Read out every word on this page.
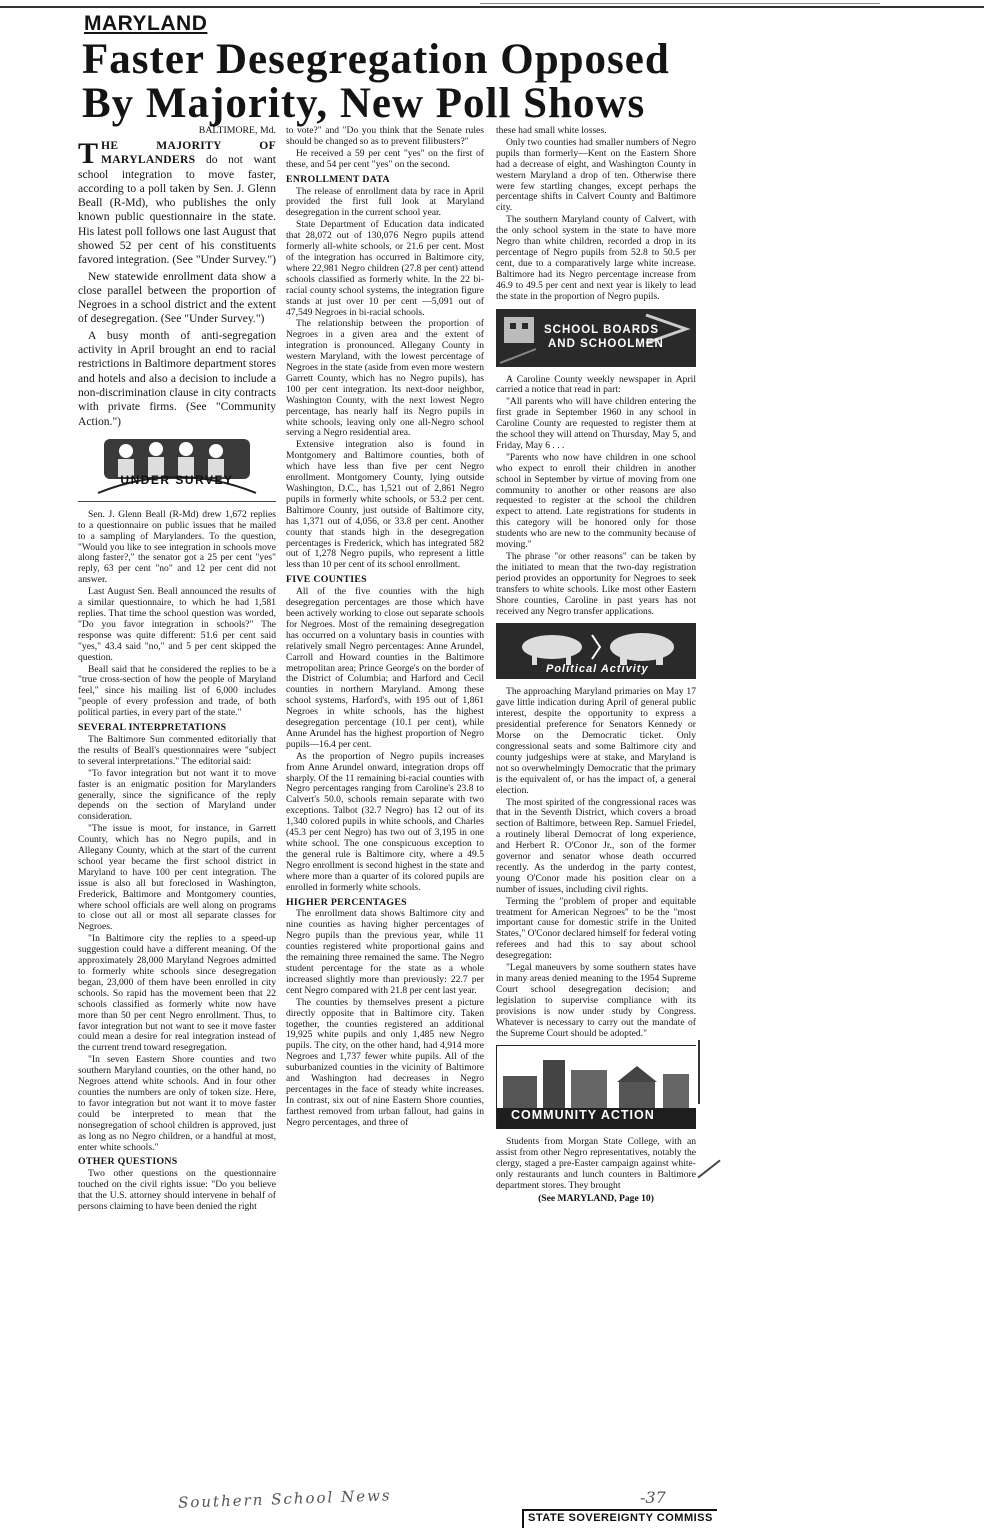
MARYLAND
Faster Desegregation Opposed By Majority, New Poll Shows
BALTIMORE, Md.

THE MAJORITY OF MARYLANDERS do not want school integration to move faster, according to a poll taken by Sen. J. Glenn Beall (R-Md), who publishes the only known public questionnaire in the state. His latest poll follows one last August that showed 52 per cent of his constituents favored integration. (See "Under Survey.")

New statewide enrollment data show a close parallel between the proportion of Negroes in a school district and the extent of desegregation. (See "Under Survey.")

A busy month of anti-segregation activity in April brought an end to racial restrictions in Baltimore department stores and hotels and also a decision to include a non-discrimination clause in city contracts with private firms. (See "Community Action.")

UNDER SURVEY

Sen. J. Glenn Beall (R-Md) drew 1,672 replies to a questionnaire on public issues that he mailed to a sampling of Marylanders. To the question, "Would you like to see integration in schools move along faster?," the senator got a 25 per cent "yes" reply, 63 per cent "no" and 12 per cent did not answer.

Last August Sen. Beall announced the results of a similar questionnaire, to which he had 1,581 replies. That time the school question was worded, "Do you favor integration in schools?" The response was quite different: 51.6 per cent said "yes," 43.4 said "no," and 5 per cent skipped the question.

Beall said that he considered the replies to be a "true cross-section of how the people of Maryland feel," since his mailing list of 6,000 includes "people of every profession and trade, of both political parties, in every part of the state."

SEVERAL INTERPRETATIONS

The Baltimore Sun commented editorially that the results of Beall's questionnaires were "subject to several interpretations." The editorial said:

"To favor integration but not want it to move faster is an enigmatic position for Marylanders generally, since the significance of the reply depends on the section of Maryland under consideration.

"The issue is moot, for instance, in Garrett County, which has no Negro pupils, and in Allegany County, which at the start of the current school year became the first school district in Maryland to have 100 per cent integration. The issue is also all but foreclosed in Washington, Frederick, Baltimore and Montgomery counties, where school officials are well along on programs to close out all or most all separate classes for Negroes.

"In Baltimore city the replies to a speed-up suggestion could have a different meaning. Of the approximately 28,000 Maryland Negroes admitted to formerly white schools since desegregation began, 23,000 of them have been enrolled in city schools. So rapid has the movement been that 22 schools classified as formerly white now have more than 50 per cent Negro enrollment. Thus, to favor integration but not want to see it move faster could mean a desire for real integration instead of the current trend toward resegregation.

"In seven Eastern Shore counties and two southern Maryland counties, on the other hand, no Negroes attend white schools. And in four other counties the numbers are only of token size. Here, to favor integration but not want it to move faster could be interpreted to mean that the nonsegregation of school children is approved, just as long as no Negro children, or a handful at most, enter white schools."

OTHER QUESTIONS

Two other questions on the questionnaire touched on the civil rights issue: "Do you believe that the U.S. attorney should intervene in behalf of persons claiming to have been denied the right

to vote?" and "Do you think that the Senate rules should be changed so as to prevent filibusters?"

He received a 59 per cent "yes" on the first of these, and 54 per cent "yes" on the second.

ENROLLMENT DATA

The release of enrollment data by race in April provided the first full look at Maryland desegregation in the current school year.

State Department of Education data indicated that 28,072 out of 130,076 Negro pupils attend formerly all-white schools, or 21.6 per cent. Most of the integration has occurred in Baltimore city, where 22,981 Negro children (27.8 per cent) attend schools classified as formerly white. In the 22 bi-racial county school systems, the integration figure stands at just over 10 per cent —5,091 out of 47,549 Negroes in bi-racial schools.

The relationship between the proportion of Negroes in a given area and the extent of integration is pronounced. Allegany County in western Maryland, with the lowest percentage of Negroes in the state (aside from even more western Garrett County, which has no Negro pupils), has 100 per cent integration. Its next-door neighbor, Washington County, with the next lowest Negro percentage, has nearly half its Negro pupils in white schools, leaving only one all-Negro school serving a Negro residential area.

Extensive integration also is found in Montgomery and Baltimore counties, both of which have less than five per cent Negro enrollment. Montgomery County, lying outside Washington, D.C., has 1,521 out of 2,861 Negro pupils in formerly white schools, or 53.2 per cent. Baltimore County, just outside of Baltimore city, has 1,371 out of 4,056, or 33.8 per cent. Another county that stands high in the desegregation percentages is Frederick, which has integrated 582 out of 1,278 Negro pupils, who represent a little less than 10 per cent of its school enrollment.

FIVE COUNTIES

All of the five counties with the high desegregation percentages are those which have been actively working to close out separate schools for Negroes. Most of the remaining desegregation has occurred on a voluntary basis in counties with relatively small Negro percentages: Anne Arundel, Carroll and Howard counties in the Baltimore metropolitan area; Prince George's on the border of the District of Columbia; and Harford and Cecil counties in northern Maryland. Among these school systems, Harford's, with 195 out of 1,861 Negroes in white schools, has the highest desegregation percentage (10.1 per cent), while Anne Arundel has the highest proportion of Negro pupils—16.4 per cent.

As the proportion of Negro pupils increases from Anne Arundel onward, integration drops off sharply. Of the 11 remaining bi-racial counties with Negro percentages ranging from Caroline's 23.8 to Calvert's 50.0, schools remain separate with two exceptions. Talbot (32.7 Negro) has 12 out of its 1,340 colored pupils in white schools, and Charles (45.3 per cent Negro) has two out of 3,195 in one white school. The one conspicuous exception to the general rule is Baltimore city, where a 49.5 Negro enrollment is second highest in the state and where more than a quarter of its colored pupils are enrolled in formerly white schools.

HIGHER PERCENTAGES

The enrollment data shows Baltimore city and nine counties as having higher percentages of Negro pupils than the previous year, while 11 counties registered white proportional gains and the remaining three remained the same. The Negro student percentage for the state as a whole increased slightly more than previously: 22.7 per cent Negro compared with 21.8 per cent last year.

The counties by themselves present a picture directly opposite that in Baltimore city. Taken together, the counties registered an additional 19,925 white pupils and only 1,485 new Negro pupils. The city, on the other hand, had 4,914 more Negroes and 1,737 fewer white pupils. All of the suburbanized counties in the vicinity of Baltimore and Washington had decreases in Negro percentages in the face of steady white increases. In contrast, six out of nine Eastern Shore counties, farthest removed from urban fallout, had gains in Negro percentages, and three of

these had small white losses.

Only two counties had smaller numbers of Negro pupils than formerly—Kent on the Eastern Shore had a decrease of eight, and Washington County in western Maryland a drop of ten. Otherwise there were few startling changes, except perhaps the percentage shifts in Calvert County and Baltimore city.

The southern Maryland county of Calvert, with the only school system in the state to have more Negro than white children, recorded a drop in its percentage of Negro pupils from 52.8 to 50.5 per cent, due to a comparatively large white increase. Baltimore had its Negro percentage increase from 46.9 to 49.5 per cent and next year is likely to lead the state in the proportion of Negro pupils.

SCHOOL BOARDS
AND SCHOOLMEN

A Caroline County weekly newspaper in April carried a notice that read in part:

"All parents who will have children entering the first grade in September 1960 in any school in Caroline County are requested to register them at the school they will attend on Thursday, May 5, and Friday, May 6 . . .

"Parents who now have children in one school who expect to enroll their children in another school in September by virtue of moving from one community to another or other reasons are also requested to register at the school the children expect to attend. Late registrations for students in this category will be honored only for those students who are new to the community because of moving."

The phrase "or other reasons" can be taken by the initiated to mean that the two-day registration period provides an opportunity for Negroes to seek transfers to white schools. Like most other Eastern Shore counties, Caroline in past years has not received any Negro transfer applications.

Political Activity

The approaching Maryland primaries on May 17 gave little indication during April of general public interest, despite the opportunity to express a presidential preference for Senators Kennedy or Morse on the Democratic ticket. Only congressional seats and some Baltimore city and county judgeships were at stake, and Maryland is not so overwhelmingly Democratic that the primary is the equivalent of, or has the impact of, a general election.

The most spirited of the congressional races was that in the Seventh District, which covers a broad section of Baltimore, between Rep. Samuel Friedel, a routinely liberal Democrat of long experience, and Herbert R. O'Conor Jr., son of the former governor and senator whose death occurred recently. As the underdog in the party contest, young O'Conor made his position clear on a number of issues, including civil rights.

Terming the "problem of proper and equitable treatment for American Negroes" to be the "most important cause for domestic strife in the United States," O'Conor declared himself for federal voting referees and had this to say about school desegregation:

"Legal maneuvers by some southern states have in many areas denied meaning to the 1954 Supreme Court school desegregation decision; and legislation to supervise compliance with its provisions is now under study by Congress. Whatever is necessary to carry out the mandate of the Supreme Court should be adopted."

COMMUNITY ACTION

Students from Morgan State College, with an assist from other Negro representatives, notably the clergy, staged a pre-Easter campaign against white-only restaurants and lunch counters in Baltimore department stores. They brought

(See MARYLAND, Page 10)
Southern School News	-37
STATE SOVEREIGNTY COMMISS
